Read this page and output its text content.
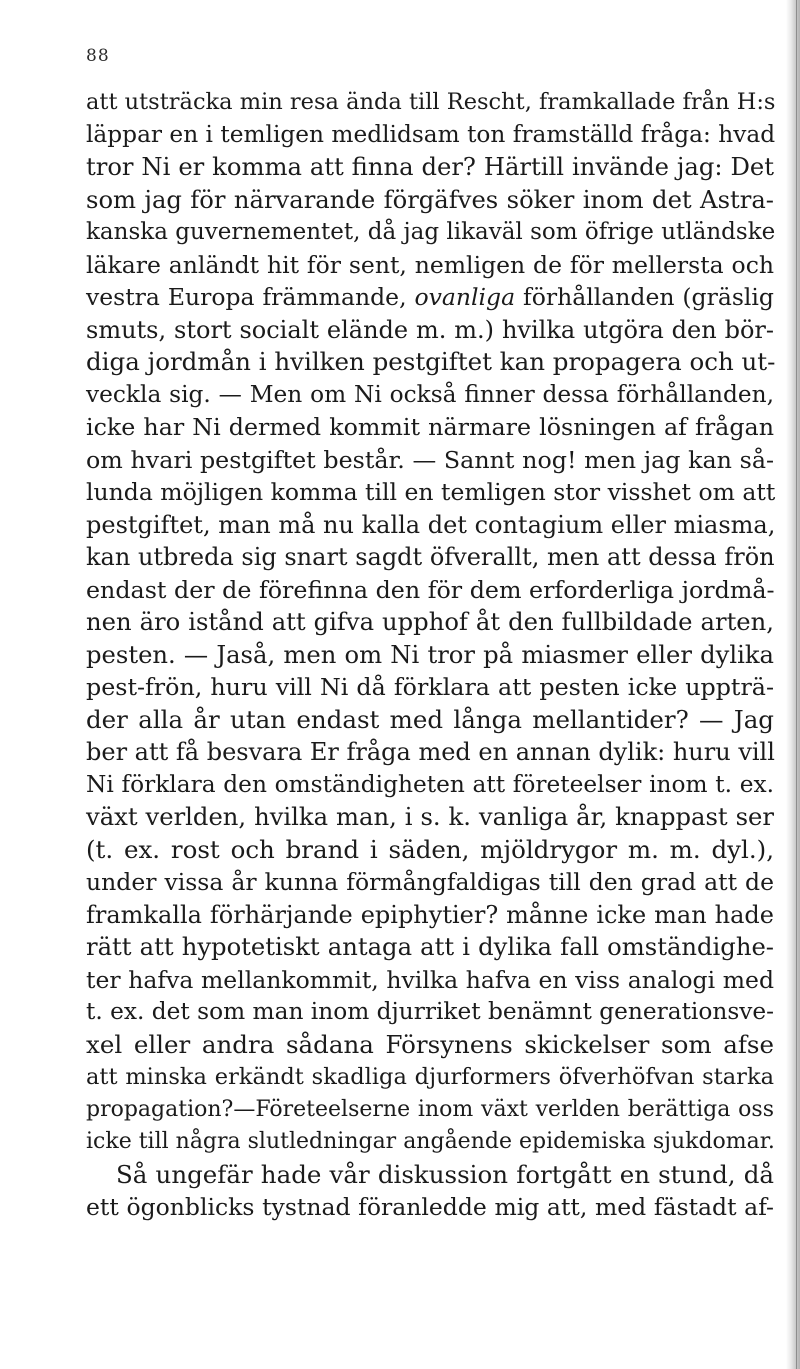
88
att utsträcka min resa ända till Rescht, framkallade från H:s
läppar en i temligen medlidsam ton framställd fråga: hvad
tror Ni er komma att finna der? Härtill invände jag: Det
som jag för närvarande förgäfves söker inom det Astra-
kanska guvernementet, då jag likaväl som öfrige utländske
läkare anländt hit för sent, nemligen de för mellersta och
vestra Europa främmande, ovanliga förhållanden (gräslig
smuts, stort socialt elände m. m.) hvilka utgöra den bör-
diga jordmån i hvilken pestgiftet kan propagera och ut-
veckla sig. — Men om Ni också finner dessa förhållanden,
icke har Ni dermed kommit närmare lösningen af frågan
om hvari pestgiftet består. — Sannt nog! men jag kan så-
lunda möjligen komma till en temligen stor visshet om att
pestgiftet, man må nu kalla det contagium eller miasma,
kan utbreda sig snart sagdt öfverallt, men att dessa frön
endast der de förefinna den för dem erforderliga jordmå-
nen äro istånd att gifva upphof åt den fullbildade arten,
pesten. — Jaså, men om Ni tror på miasmer eller dylika
pest-frön, huru vill Ni då förklara att pesten icke uppträ-
der alla år utan endast med långa mellantider? — Jag
ber att få besvara Er fråga med en annan dylik: huru vill
Ni förklara den omständigheten att företeelser inom t. ex.
växt verlden, hvilka man, i s. k. vanliga år, knappast ser
(t. ex. rost och brand i säden, mjöldrygor m. m. dyl.),
under vissa år kunna förmångfaldigas till den grad att de
framkalla förhärjande epiphytier? månne icke man hade
rätt att hypotetiskt antaga att i dylika fall omständighe-
ter hafva mellankommit, hvilka hafva en viss analogi med
t. ex. det som man inom djurriket benämnt generationsve-
xel eller andra sådana Försynens skickelser som afse
att minska erkändt skadliga djurformers öfverhöfvan starka
propagation?—Företeelserne inom växt verlden berättiga oss
icke till några slutledningar angående epidemiska sjukdomar.
Så ungefär hade vår diskussion fortgått en stund, då
ett ögonblicks tystnad föranledde mig att, med fästadt af-
